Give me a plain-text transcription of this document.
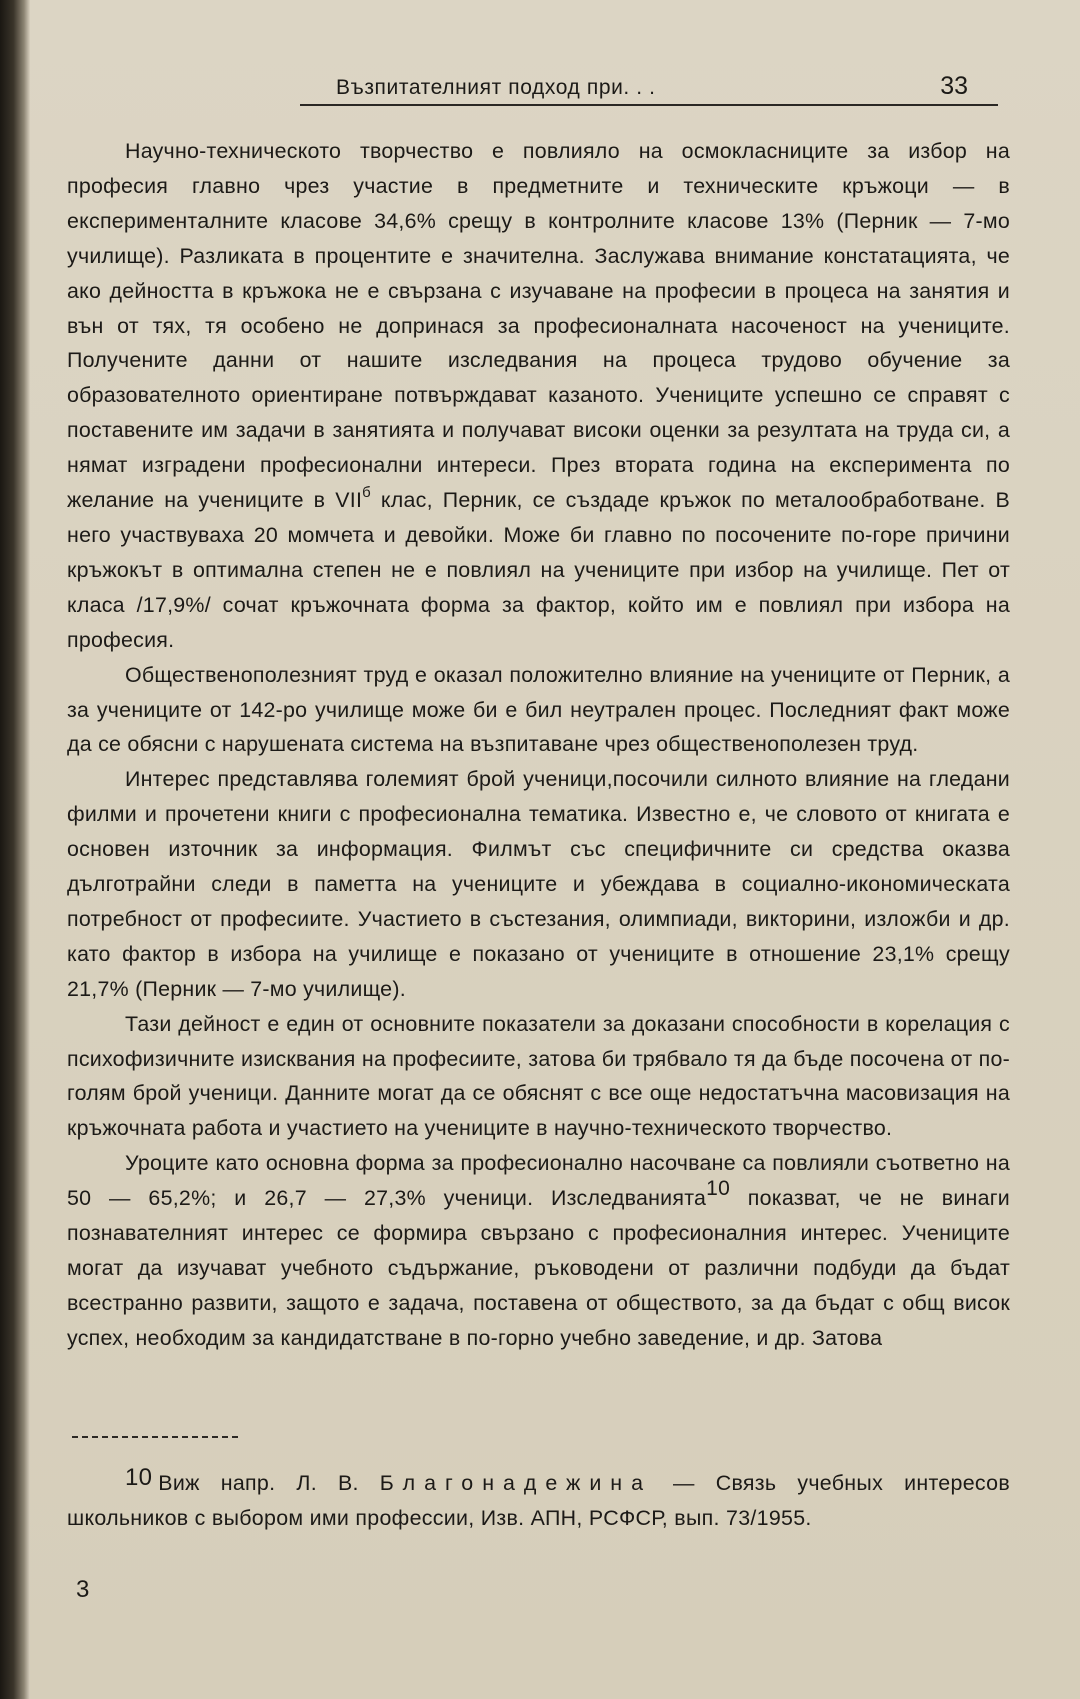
Възпитателният подход при. . .	33

Научно-техническото творчество е повлияло на осмокласниците за избор на професия главно чрез участие в предметните и техническите кръжоци — в експерименталните класове 34,6% срещу в контролните класове 13% (Перник — 7-мо училище). Разликата в процентите е значителна. Заслужава внимание констатацията, че ако дейността в кръжока не е свързана с изучаване на професии в процеса на занятия и вън от тях, тя особено не допринася за професионалната насоченост на учениците. Получените данни от нашите изследвания на процеса трудово обучение за образователното ориентиране потвърждават казаното. Учениците успешно се справят с поставените им задачи в занятията и получават високи оценки за резултата на труда си, а нямат изградени професионални интереси. През втората година на експеримента по желание на учениците в $VII^б$ клас, Перник, се създаде кръжок по металообработване. В него участвуваха 20 момчета и девойки. Може би главно по посочените по-горе причини кръжокът в оптимална степен не е повлиял на учениците при избор на училище. Пет от класа /17,9%/ сочат кръжочната форма за фактор, който им е повлиял при избора на професия.

Общественополезният труд е оказал положително влияние на учениците от Перник, а за учениците от 142-ро училище може би е бил неутрален процес. Последният факт може да се обясни с нарушената система на възпитаване чрез общественополезен труд.

Интерес представлява големият брой ученици,посочили силното влияние на гледани филми и прочетени книги с професионална тематика. Известно е, че словото от книгата е основен източник за информация. Филмът със специфичните си средства оказва дълготрайни следи в паметта на учениците и убеждава в социално-икономическата потребност от професиите. Участието в състезания, олимпиади, викторини, изложби и др. като фактор в избора на училище е показано от учениците в отношение 23,1% срещу 21,7% (Перник — 7-мо училище).

Тази дейност е един от основните показатели за доказани способности в корелация с психофизичните изисквания на професиите, затова би трябвало тя да бъде посочена от по-голям брой ученици. Данните могат да се обяснят с все още недостатъчна масовизация на кръжочната работа и участието на учениците в научно-техническото творчество.

Уроците като основна форма за професионално насочване са повлияли съответно на 50 — 65,2%; и 26,7 — 27,3% ученици. Изследванията10 показват, че не винаги познавателният интерес се формира свързано с професионалния интерес. Учениците могат да изучават учебното съдържание, ръководени от различни подбуди да бъдат всестранно развити, защото е задача, поставена от обществото, за да бъдат с общ висок успех, необходим за кандидатстване в по-горно учебно заведение, и др. Затова

10 Виж напр. Л. В. Благонадежина — Связь учебных интересов школьников с выбором ими профессии, Изв. АПН, РСФСР, вып. 73/1955.
3
